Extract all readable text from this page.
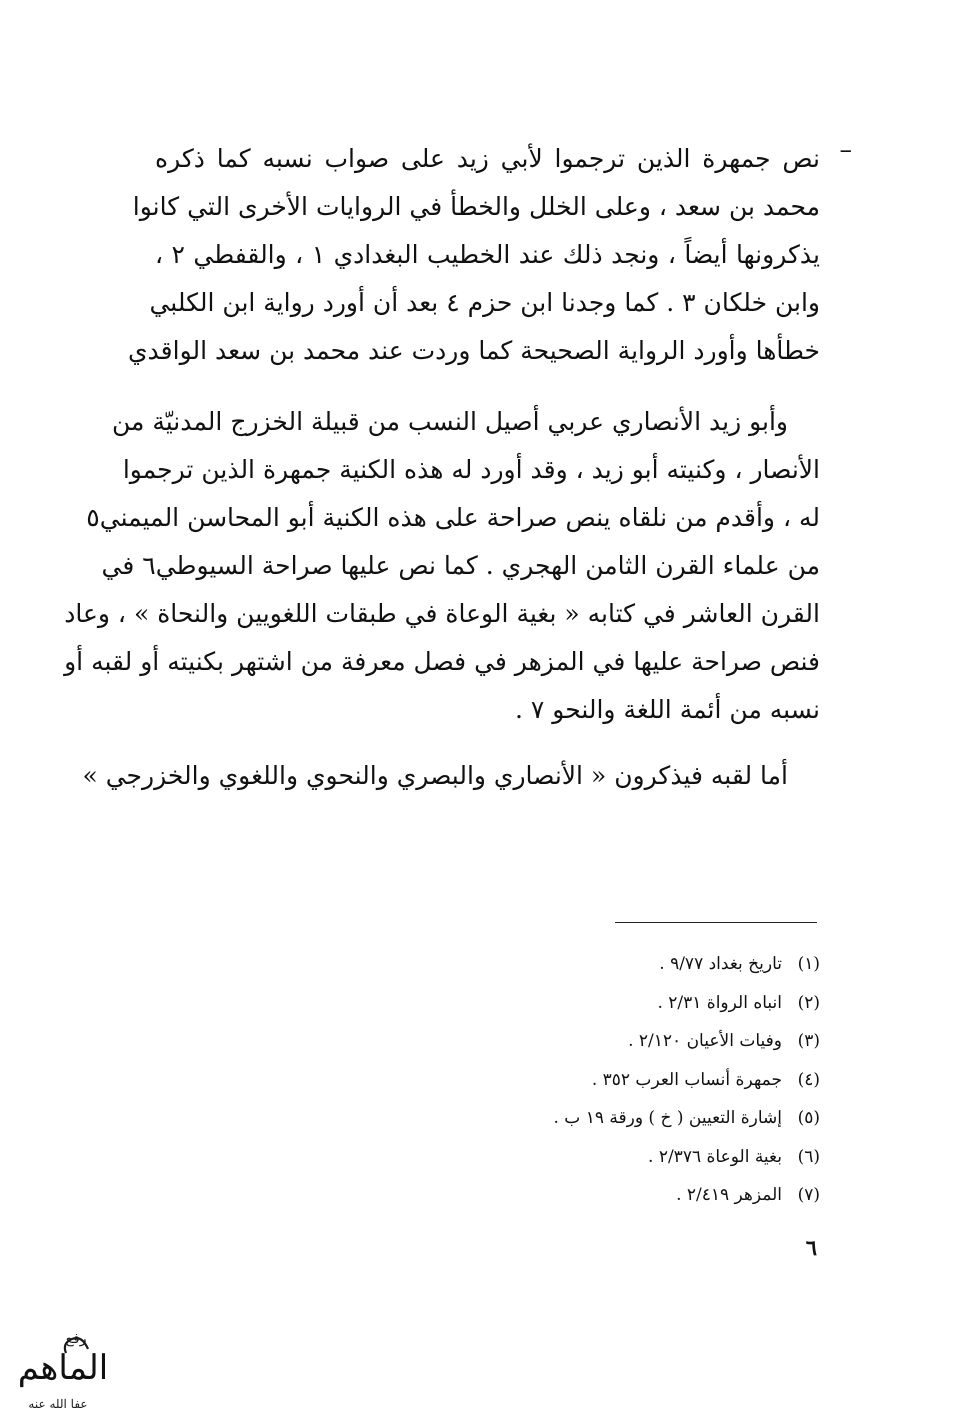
–
نص جمهرة الذين ترجموا لأبي زيد على صواب نسبه كما ذكره
محمد بن سعد ، وعلى الخلل والخطأ في الروايات الأخرى التي كانوا
يذكرونها أيضاً ، ونجد ذلك عند الخطيب البغدادي ١ ، والقفطي ٢ ،
وابن خلكان ٣ . كما وجدنا ابن حزم ٤ بعد أن أورد رواية ابن الكلبي
خطأها وأورد الرواية الصحيحة كما وردت عند محمد بن سعد الواقدي
وأبو زيد الأنصاري عربي أصيل النسب من قبيلة الخزرج المدنيّة من
الأنصار ، وكنيته أبو زيد ، وقد أورد له هذه الكنية جمهرة الذين ترجموا
له ، وأقدم من نلقاه ينص صراحة على هذه الكنية أبو المحاسن الميمني٥
من علماء القرن الثامن الهجري . كما نص عليها صراحة السيوطي٦ في
القرن العاشر في كتابه « بغية الوعاة في طبقات اللغويين والنحاة » ، وعاد
فنص صراحة عليها في المزهر في فصل معرفة من اشتهر بكنيته أو لقبه أو
نسبه من أئمة اللغة والنحو ٧ .
أما لقبه فيذكرون « الأنصاري والبصري والنحوي واللغوي والخزرجي »
(١)
تاريخ بغداد ٩/٧٧ .
(٢)
انباه الرواة ٢/٣١ .
(٣)
وفيات الأعيان ٢/١٢٠ .
(٤)
جمهرة أنساب العرب ٣٥٢ .
(٥)
إشارة التعيين ( خ ) ورقة ١٩ ب .
(٦)
بغية الوعاة ٢/٣٧٦ .
(٧)
المزهر ٢/٤١٩ .
٦
رفع
الماهم
عفا الله عنه
